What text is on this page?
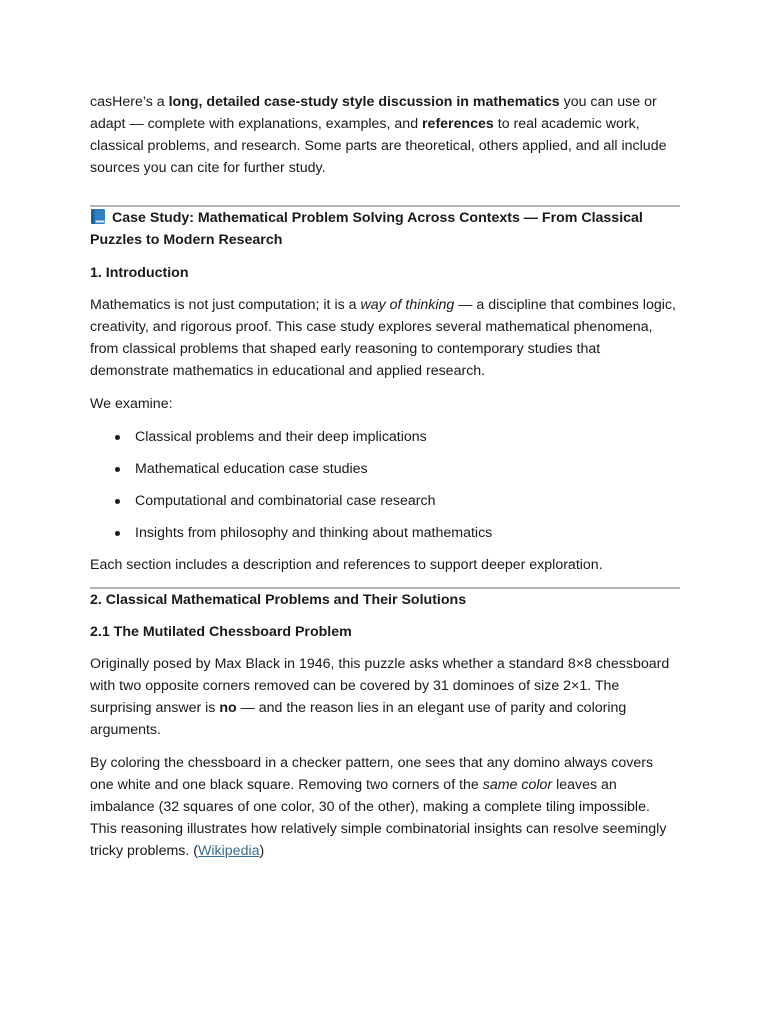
casHere’s a long, detailed case-study style discussion in mathematics you can use or adapt — complete with explanations, examples, and references to real academic work, classical problems, and research. Some parts are theoretical, others applied, and all include sources you can cite for further study.

Case Study: Mathematical Problem Solving Across Contexts — From Classical Puzzles to Modern Research

1. Introduction

Mathematics is not just computation; it is a way of thinking — a discipline that combines logic, creativity, and rigorous proof. This case study explores several mathematical phenomena, from classical problems that shaped early reasoning to contemporary studies that demonstrate mathematics in educational and applied research.

We examine:

Classical problems and their deep implications
Mathematical education case studies
Computational and combinatorial case research
Insights from philosophy and thinking about mathematics

Each section includes a description and references to support deeper exploration.

2. Classical Mathematical Problems and Their Solutions

2.1 The Mutilated Chessboard Problem

Originally posed by Max Black in 1946, this puzzle asks whether a standard 8×8 chessboard with two opposite corners removed can be covered by 31 dominoes of size 2×1. The surprising answer is no — and the reason lies in an elegant use of parity and coloring arguments.

By coloring the chessboard in a checker pattern, one sees that any domino always covers one white and one black square. Removing two corners of the same color leaves an imbalance (32 squares of one color, 30 of the other), making a complete tiling impossible. This reasoning illustrates how relatively simple combinatorial insights can resolve seemingly tricky problems. (Wikipedia)
